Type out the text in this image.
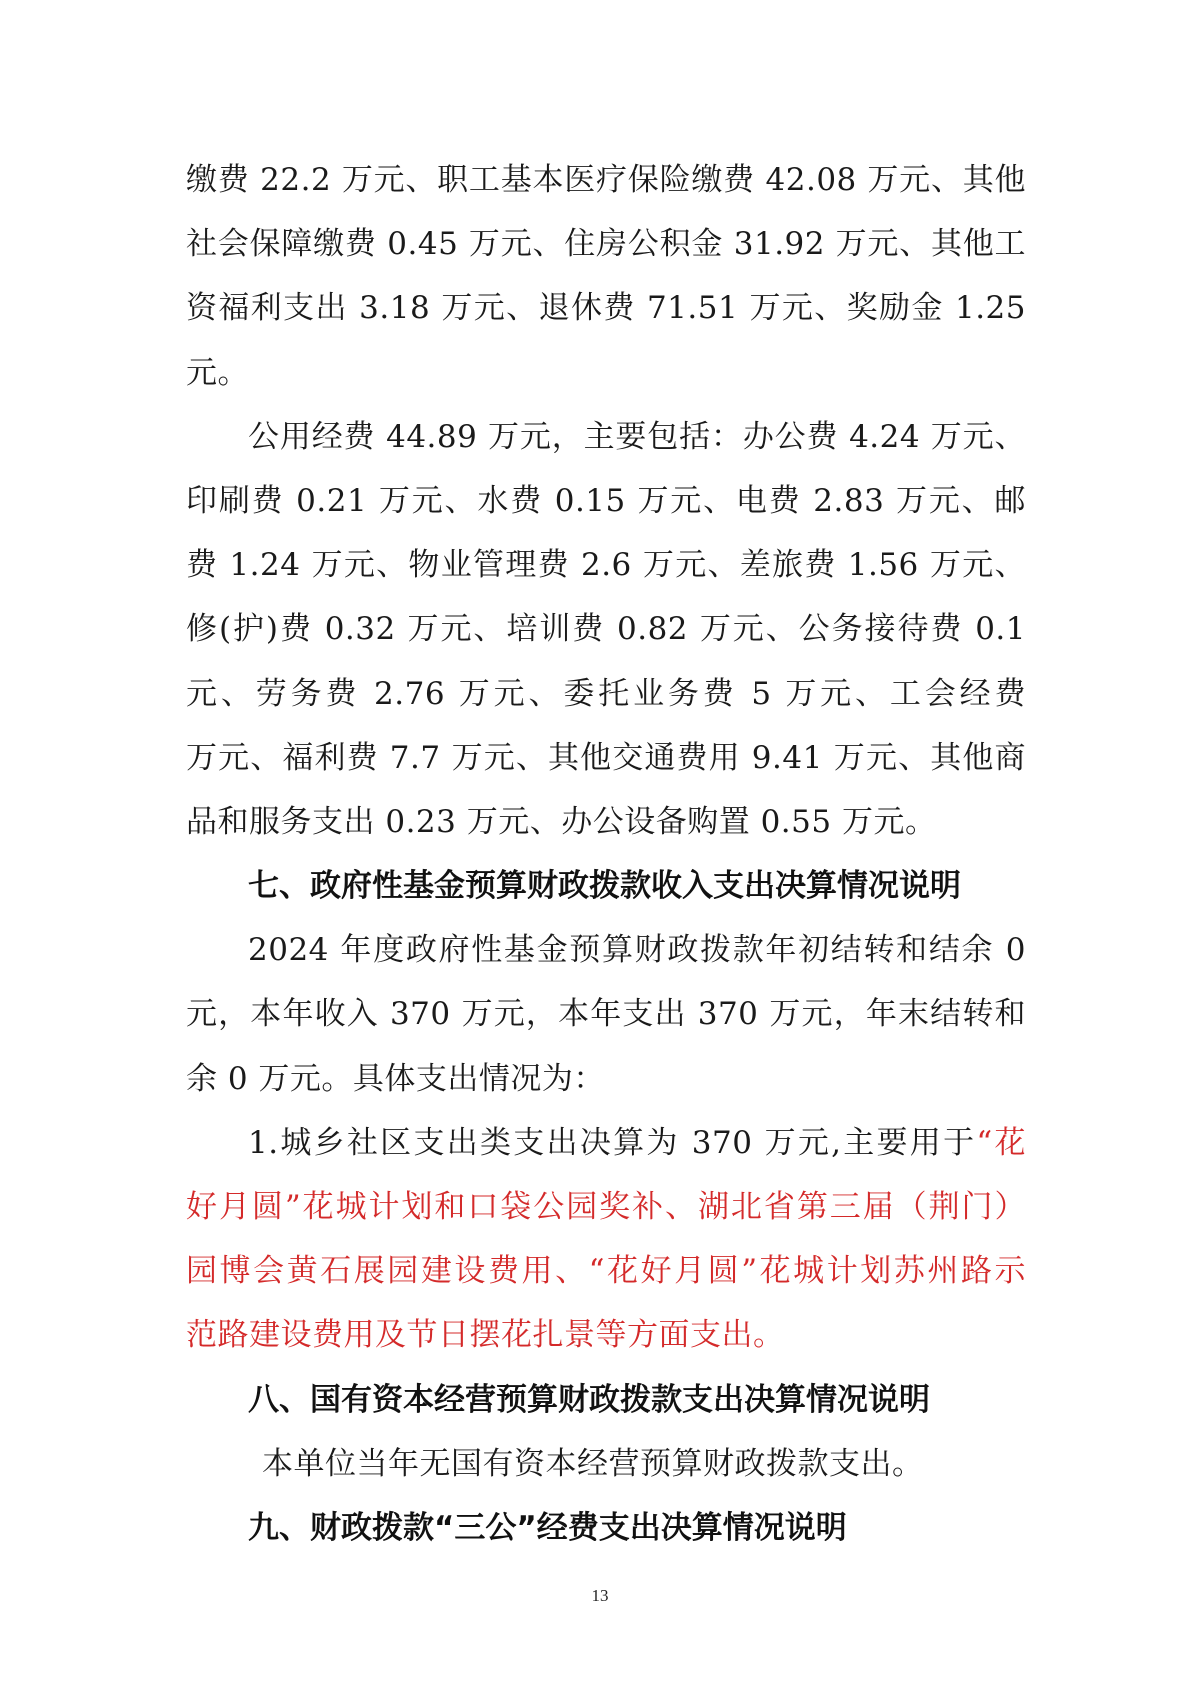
缴费 22.2 万元、职工基本医疗保险缴费 42.08 万元、其他
社会保障缴费 0.45 万元、住房公积金 31.92 万元、其他工
资福利支出 3.18 万元、退休费 71.51 万元、奖励金 1.25
元。
公用经费 44.89 万元，主要包括：办公费 4.24 万元、
印刷费 0.21 万元、水费 0.15 万元、电费 2.83 万元、邮
费 1.24 万元、物业管理费 2.6 万元、差旅费 1.56 万元、
修(护)费 0.32 万元、培训费 0.82 万元、公务接待费 0.1
元、劳务费 2.76 万元、委托业务费 5 万元、工会经费
万元、福利费 7.7 万元、其他交通费用 9.41 万元、其他商
品和服务支出 0.23 万元、办公设备购置 0.55 万元。
七、政府性基金预算财政拨款收入支出决算情况说明
2024 年度政府性基金预算财政拨款年初结转和结余 0
元，本年收入 370 万元，本年支出 370 万元，年末结转和
余 0 万元。具体支出情况为：
1.城乡社区支出类支出决算为 370 万元,主要用于“花
好月圆”花城计划和口袋公园奖补、湖北省第三届（荆门）
园博会黄石展园建设费用、“花好月圆”花城计划苏州路示
范路建设费用及节日摆花扎景等方面支出。
八、国有资本经营预算财政拨款支出决算情况说明
本单位当年无国有资本经营预算财政拨款支出。
九、财政拨款“三公”经费支出决算情况说明
13
